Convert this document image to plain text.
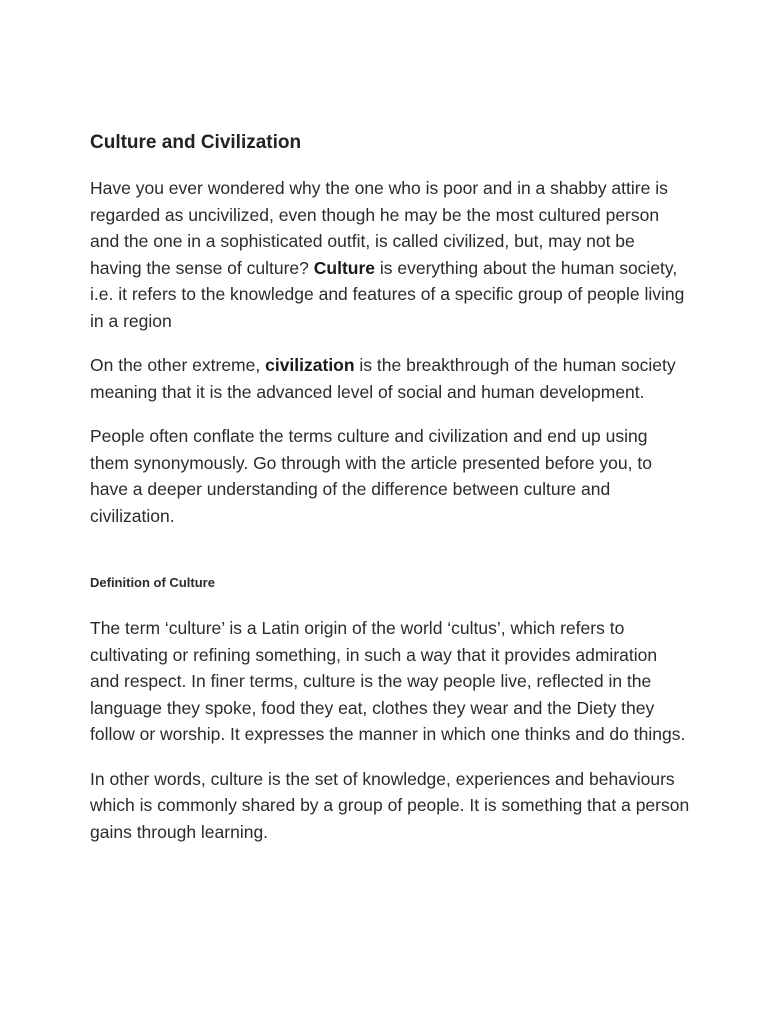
Culture and Civilization

Have you ever wondered why the one who is poor and in a shabby attire is regarded as uncivilized, even though he may be the most cultured person and the one in a sophisticated outfit, is called civilized, but, may not be having the sense of culture? Culture is everything about the human society, i.e. it refers to the knowledge and features of a specific group of people living in a region

On the other extreme, civilization is the breakthrough of the human society meaning that it is the advanced level of social and human development.

People often conflate the terms culture and civilization and end up using them synonymously. Go through with the article presented before you, to have a deeper understanding of the difference between culture and civilization.

Definition of Culture

The term ‘culture’ is a Latin origin of the world ‘cultus’, which refers to cultivating or refining something, in such a way that it provides admiration and respect. In finer terms, culture is the way people live, reflected in the language they spoke, food they eat, clothes they wear and the Diety they follow or worship. It expresses the manner in which one thinks and do things.

In other words, culture is the set of knowledge, experiences and behaviours which is commonly shared by a group of people. It is something that a person gains through learning.
